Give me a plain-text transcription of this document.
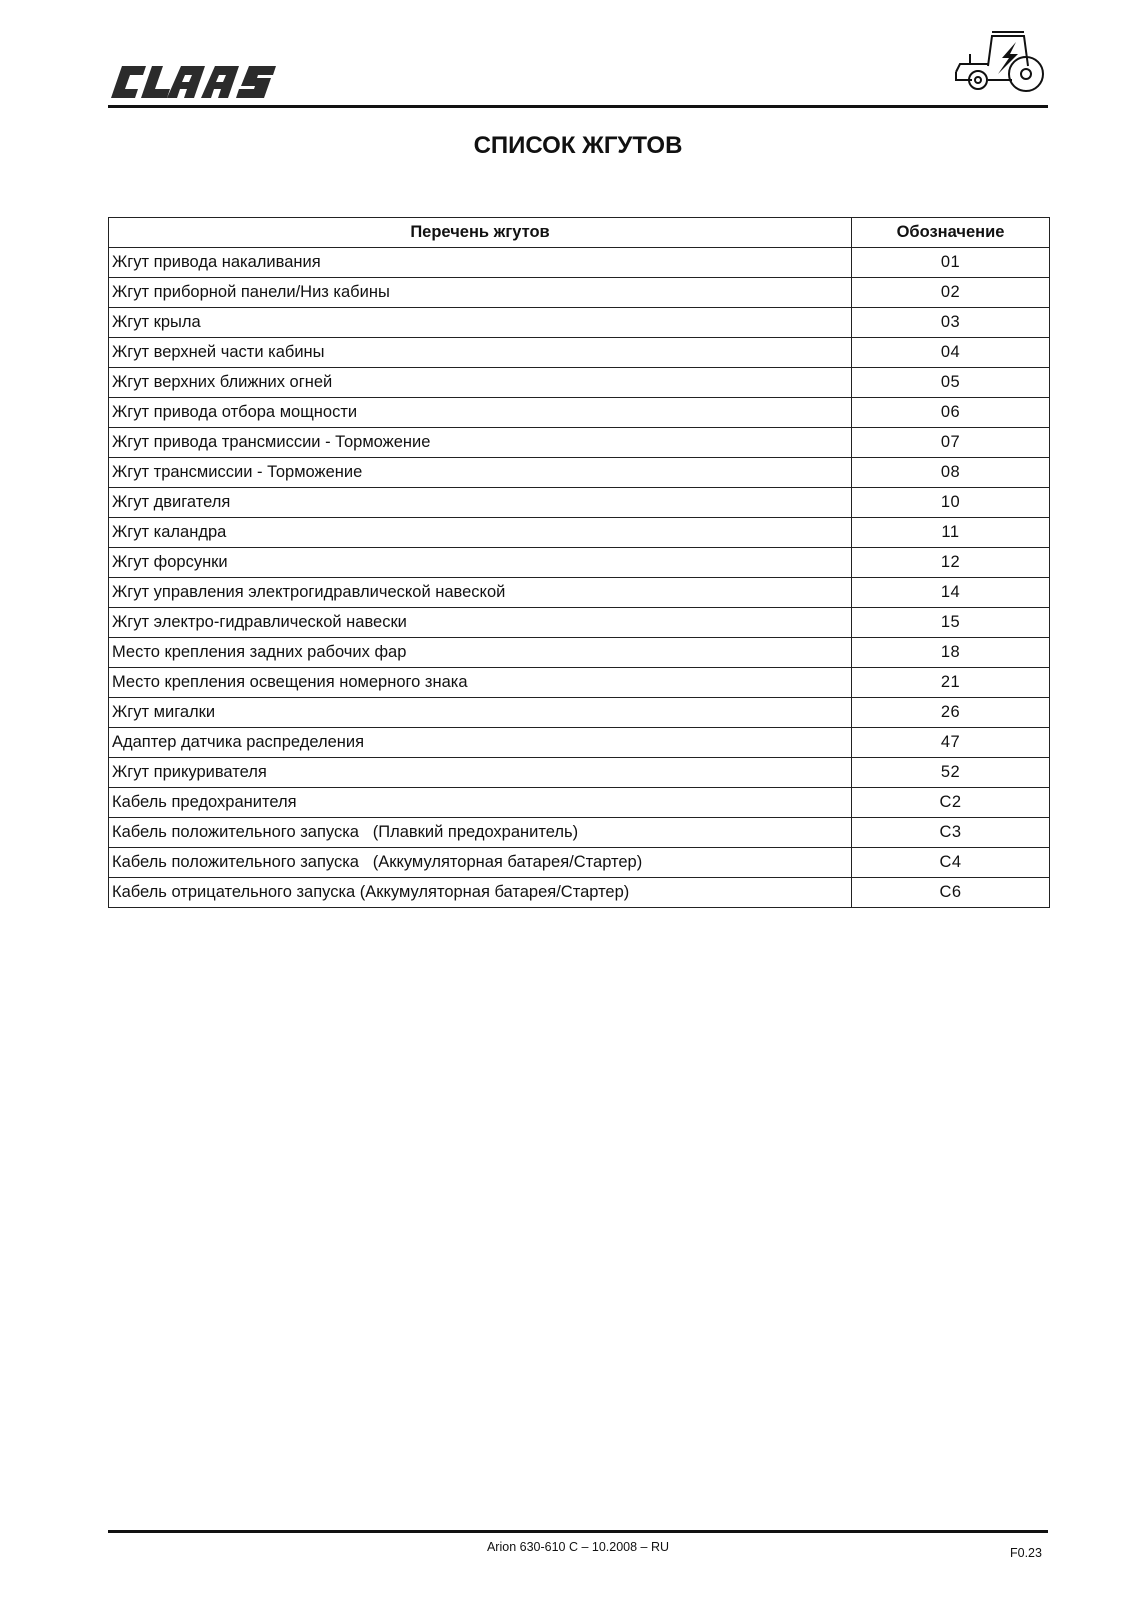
СПИСОК ЖГУТОВ
Перечень жгутов	Обозначение
Жгут привода накаливания	01
Жгут приборной панели/Низ кабины	02
Жгут крыла	03
Жгут верхней части кабины	04
Жгут верхних ближних огней	05
Жгут привода отбора мощности	06
Жгут привода трансмиссии - Торможение	07
Жгут трансмиссии - Торможение	08
Жгут двигателя	10
Жгут каландра	11
Жгут форсунки	12
Жгут управления электрогидравлической навеской	14
Жгут электро-гидравлической навески	15
Место крепления задних рабочих фар	18
Место крепления освещения номерного знака	21
Жгут мигалки	26
Адаптер датчика распределения	47
Жгут прикуривателя	52
Кабель предохранителя	C2
Кабель положительного запуска   (Плавкий предохранитель)	C3
Кабель положительного запуска   (Аккумуляторная батарея/Стартер)	C4
Кабель отрицательного запуска (Аккумуляторная батарея/Стартер)	C6
Arion 630-610 C – 10.2008 – RU	F0.23
